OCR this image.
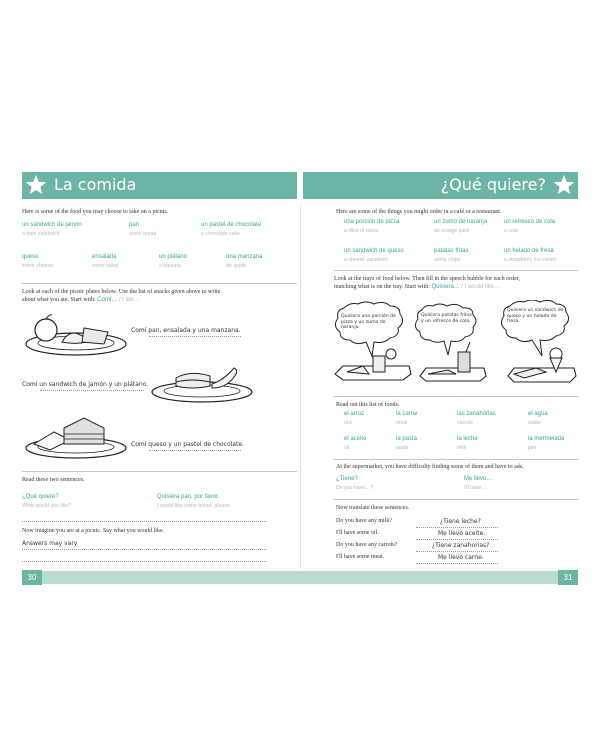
La comida	¿Qué quiere?
Here is some of the food you may choose to take on a picnic.
un sandwich de jamón
a ham sandwich
pan
some bread
un pastel de chocolate
a chocolate cake
queso
some cheese
ensalada
some salad
un plátano
a banana
una manzana
an apple
Look at each of the picnic plates below. Use the list of snacks given above to write
about what you ate. Start with: Comí… / I ate…
Comí pan, ensalada y una manzana.
Comí un sandwich de jamón y un plátano.
Comí queso y un pastel de chocolate.
Read these two sentences.
¿Qué quiere?
What would you like?
Quisiera pan, por favor.
I would like some bread, please.
Now imagine you are at a picnic. Say what you would like.
Answers may vary
Here are some of the things you might order in a café or a restaurant.
una porción de pizza
a slice of pizza
un zumo de naranja
an orange juice
un refresco de cola
a cola
un sandwich de queso
a cheese sandwich
patatas fritas
some chips
un helado de fresa
a strawberry ice cream
Look at the trays of food below. Then fill in the speech bubble for each order,
matching what is on the tray. Start with: Quisiera… / I would like…
Quisiera una porción de pizza y un zumo de naranja.
Quisiera patatas fritas y un refresco de cola.
Quisiera un sandwich de queso y un helado de fresa.
Read out this list of foods.
el arroz
rice
la carne
meat
las zanahorias
carrots
el agua
water
el aceite
oil
la pasta
pasta
la leche
milk
la mermelada
jam
At the supermarket, you have difficulty finding some of them and have to ask.
¿Tiene?
Do you have…?
Me llevo…
I'll have…
Now translate these sentences.
Do you have any milk?	¿Tiene leche?
I'll have some oil.	Me llevo aceite.
Do you have any carrots?	¿Tiene zanahorias?
I'll have some meat.	Me llevo carne.
30	31
